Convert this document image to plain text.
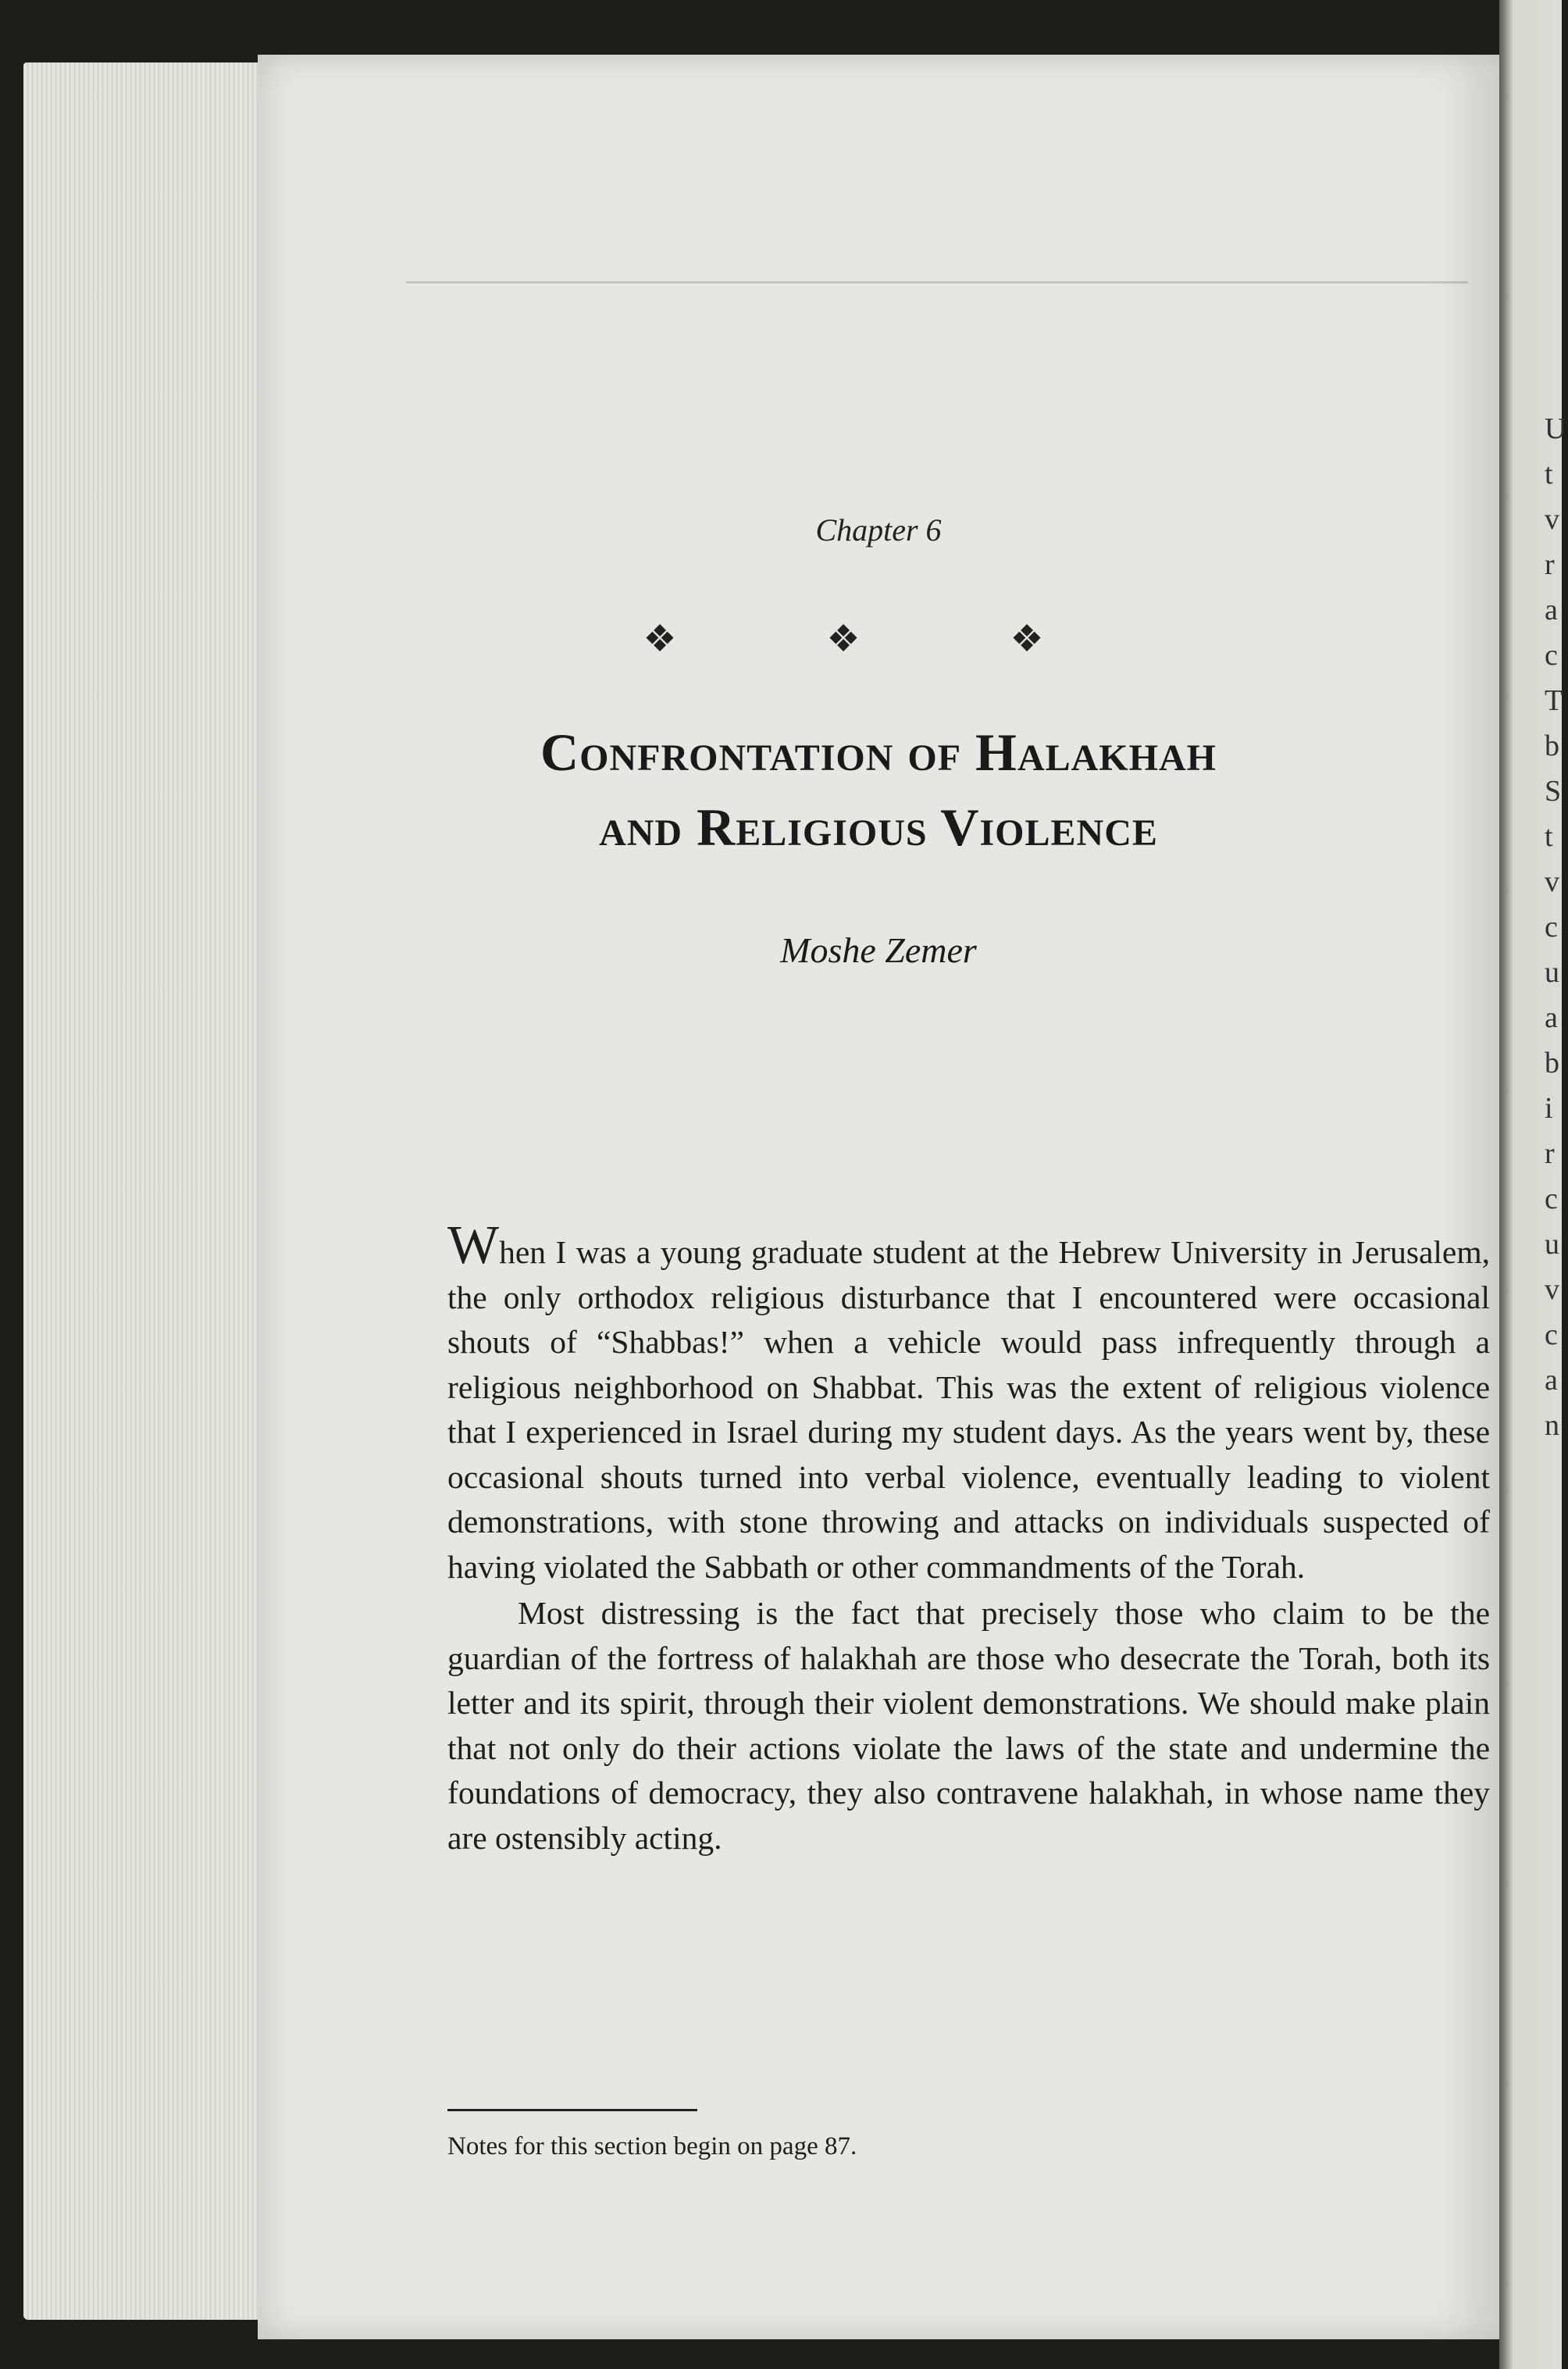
U
t
v
r
a
c
T
b
S
t
v
c
u
a
b
i
r
c
u
v
c
a
n
Chapter 6
❖ ❖ ❖
Confrontation of Halakhah
and Religious Violence
Moshe Zemer

When I was a young graduate student at the Hebrew University in Jerusalem, the only orthodox religious disturbance that I encountered were occasional shouts of “Shabbas!” when a vehicle would pass infrequently through a religious neighborhood on Shabbat. This was the extent of religious violence that I experienced in Israel during my student days. As the years went by, these occasional shouts turned into verbal violence, eventually leading to violent demonstrations, with stone throwing and attacks on individuals suspected of having violated the Sabbath or other commandments of the Torah.

Most distressing is the fact that precisely those who claim to be the guardian of the fortress of halakhah are those who desecrate the Torah, both its letter and its spirit, through their violent demonstrations. We should make plain that not only do their actions violate the laws of the state and undermine the foundations of democracy, they also contravene halakhah, in whose name they are ostensibly acting.

Notes for this section begin on page 87.
